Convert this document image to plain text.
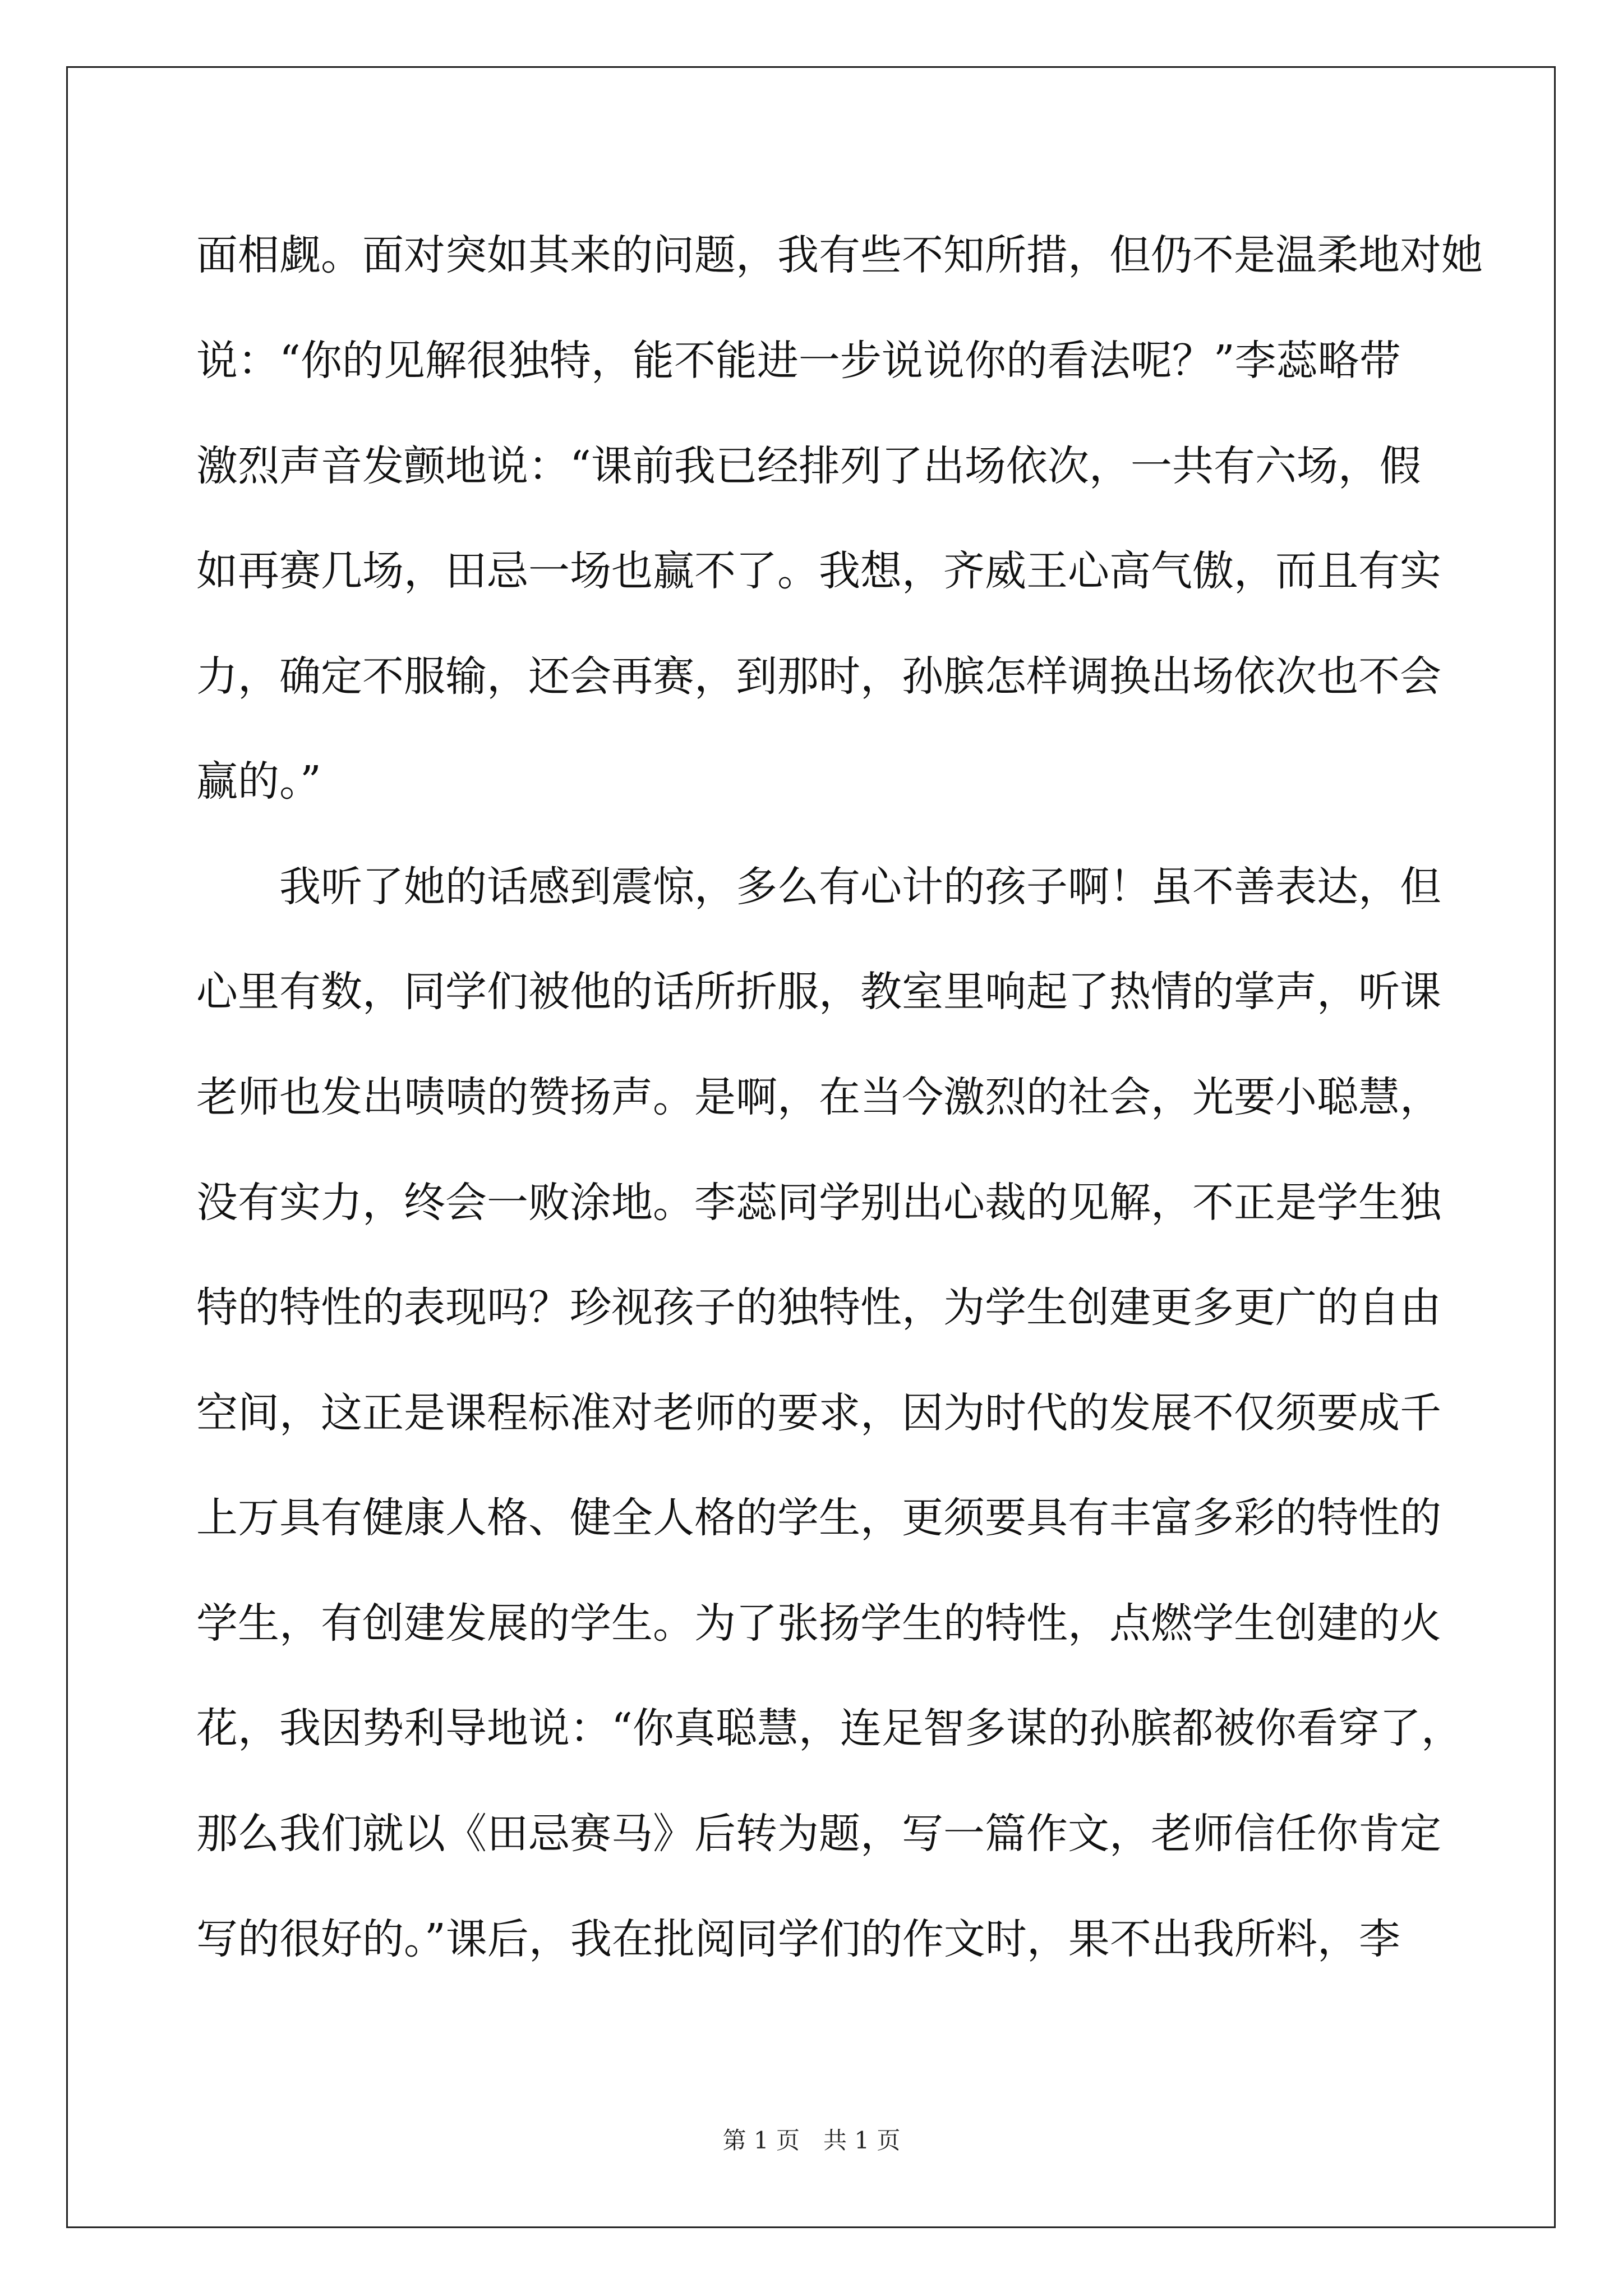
面相觑。面对突如其来的问题，我有些不知所措，但仍不是温柔地对她
说：“你的见解很独特，能不能进一步说说你的看法呢？”李蕊略带
激烈声音发颤地说：“课前我已经排列了出场依次，一共有六场，假
如再赛几场，田忌一场也赢不了。我想，齐威王心高气傲，而且有实
力，确定不服输，还会再赛，到那时，孙膑怎样调换出场依次也不会
赢的。”
我听了她的话感到震惊，多么有心计的孩子啊！虽不善表达，但
心里有数，同学们被他的话所折服，教室里响起了热情的掌声，听课
老师也发出啧啧的赞扬声。是啊，在当今激烈的社会，光要小聪慧，
没有实力，终会一败涂地。李蕊同学别出心裁的见解，不正是学生独
特的特性的表现吗？珍视孩子的独特性，为学生创建更多更广的自由
空间，这正是课程标准对老师的要求，因为时代的发展不仅须要成千
上万具有健康人格、健全人格的学生，更须要具有丰富多彩的特性的
学生，有创建发展的学生。为了张扬学生的特性，点燃学生创建的火
花，我因势利导地说：“你真聪慧，连足智多谋的孙膑都被你看穿了，
那么我们就以《田忌赛马》后转为题，写一篇作文，老师信任你肯定
写的很好的。”课后，我在批阅同学们的作文时，果不出我所料，李
第 1 页　共 1 页
